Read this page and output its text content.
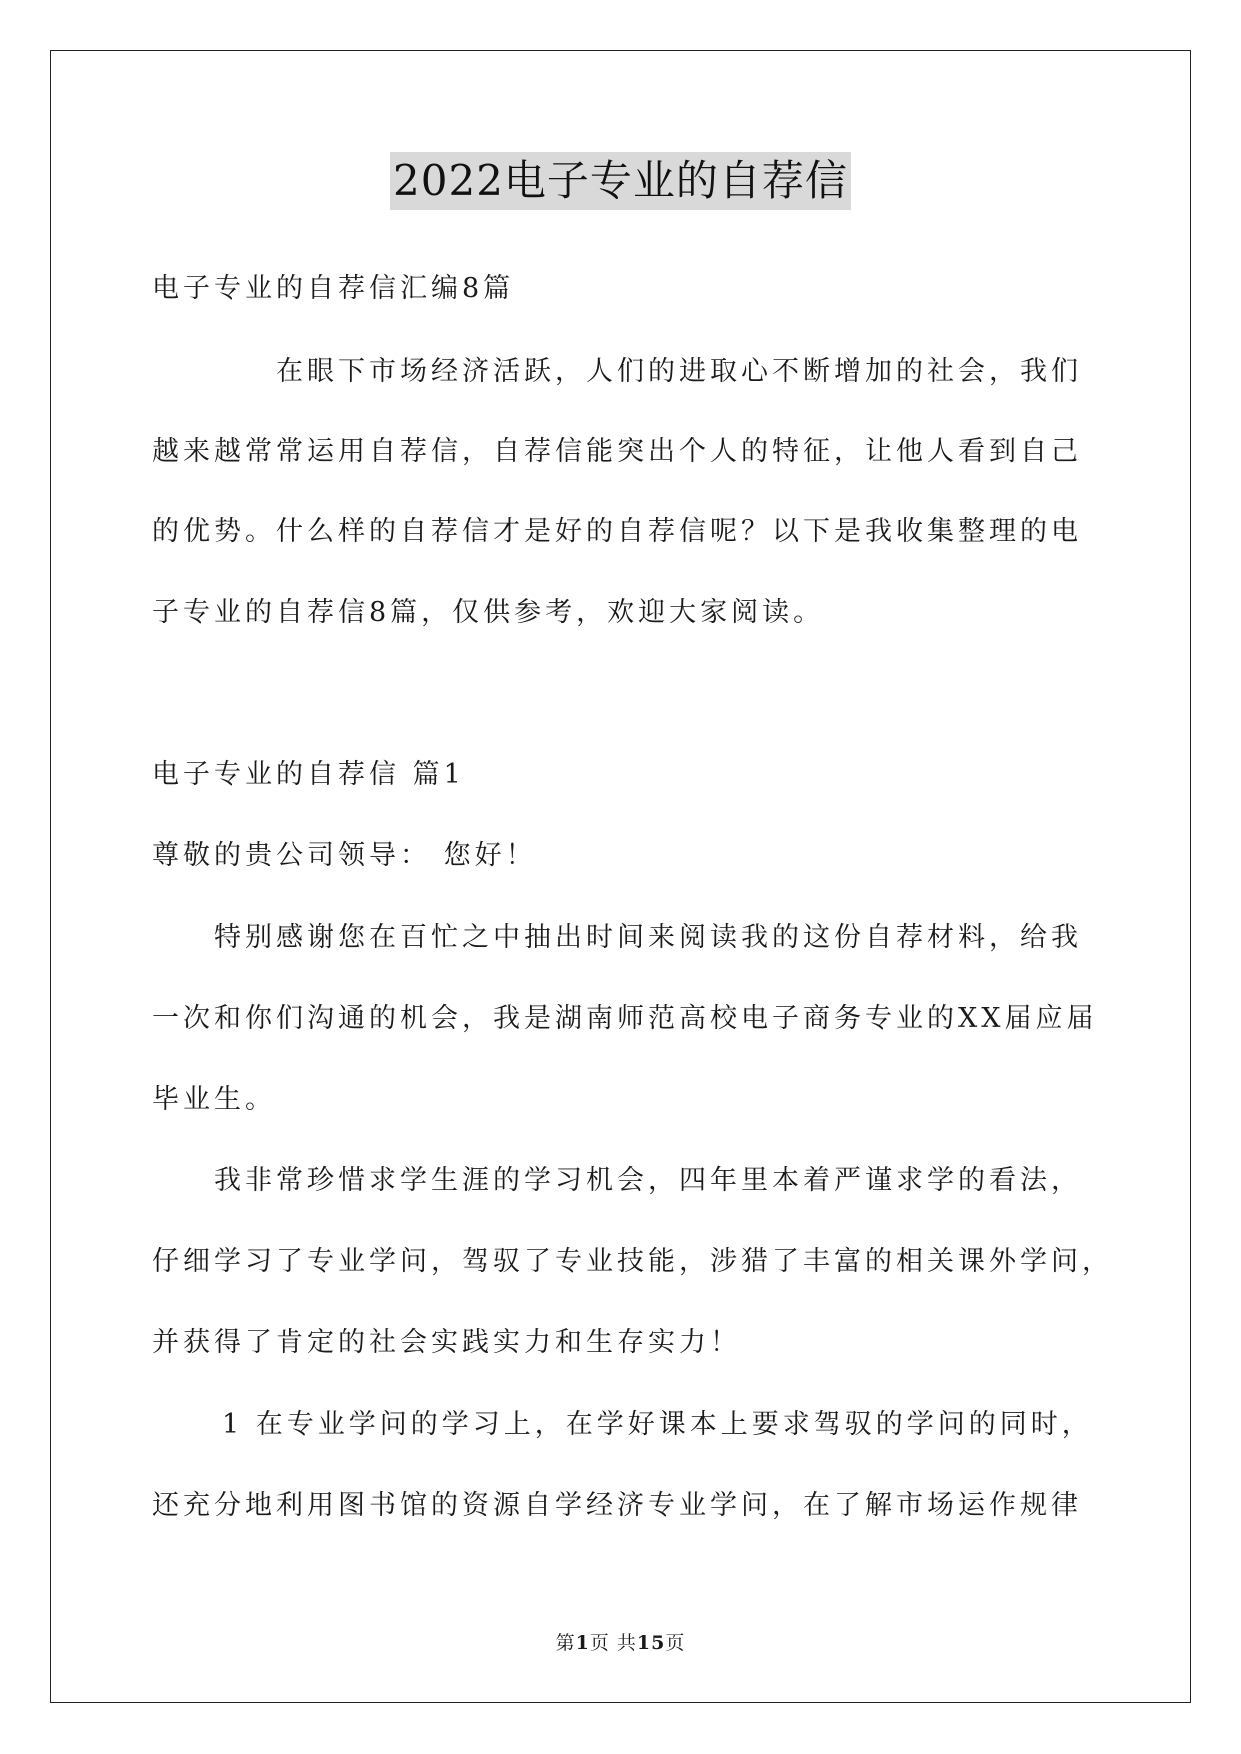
2022电子专业的自荐信

电子专业的自荐信汇编8篇

在眼下市场经济活跃，人们的进取心不断增加的社会，我们

越来越常常运用自荐信，自荐信能突出个人的特征，让他人看到自己

的优势。什么样的自荐信才是好的自荐信呢？以下是我收集整理的电

子专业的自荐信8篇，仅供参考，欢迎大家阅读。

电子专业的自荐信 篇1

尊敬的贵公司领导： 您好！

特别感谢您在百忙之中抽出时间来阅读我的这份自荐材料，给我

一次和你们沟通的机会，我是湖南师范高校电子商务专业的XX届应届

毕业生。

我非常珍惜求学生涯的学习机会，四年里本着严谨求学的看法，

仔细学习了专业学问，驾驭了专业技能，涉猎了丰富的相关课外学问，

并获得了肯定的社会实践实力和生存实力！

1 在专业学问的学习上，在学好课本上要求驾驭的学问的同时，

还充分地利用图书馆的资源自学经济专业学问，在了解市场运作规律

第1页 共15页
